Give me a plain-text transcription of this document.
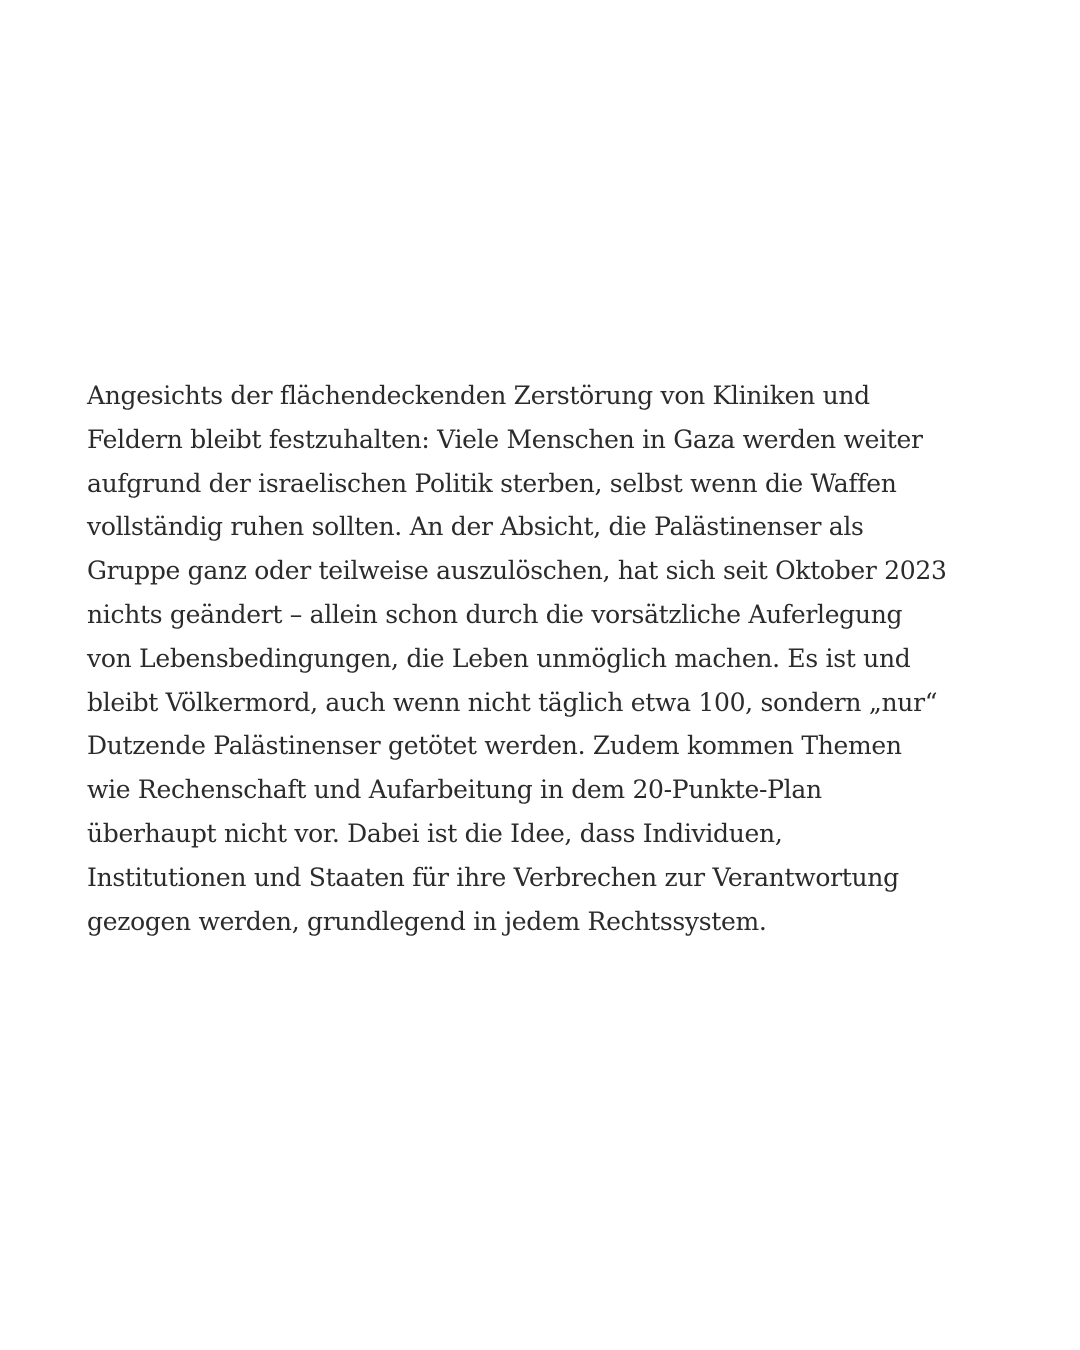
Angesichts der flächendeckenden Zerstörung von Kliniken und
Feldern bleibt festzuhalten: Viele Menschen in Gaza werden weiter
aufgrund der israelischen Politik sterben, selbst wenn die Waffen
vollständig ruhen sollten. An der Absicht, die Palästinenser als
Gruppe ganz oder teilweise auszulöschen, hat sich seit Oktober 2023
nichts geändert – allein schon durch die vorsätzliche Auferlegung
von Lebensbedingungen, die Leben unmöglich machen. Es ist und
bleibt Völkermord, auch wenn nicht täglich etwa 100, sondern „nur“
Dutzende Palästinenser getötet werden. Zudem kommen Themen
wie Rechenschaft und Aufarbeitung in dem 20-Punkte-Plan
überhaupt nicht vor. Dabei ist die Idee, dass Individuen,
Institutionen und Staaten für ihre Verbrechen zur Verantwortung
gezogen werden, grundlegend in jedem Rechtssystem.
